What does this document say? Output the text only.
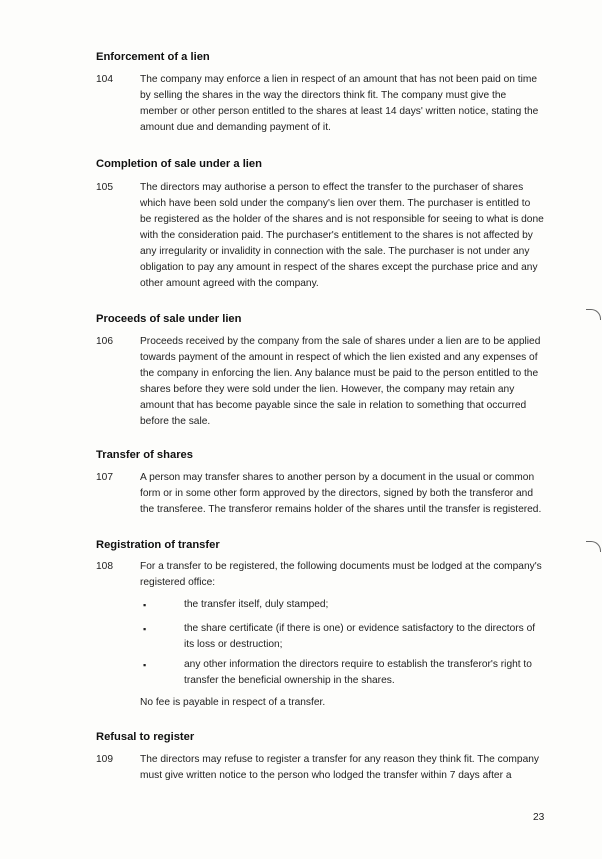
Enforcement of a lien
104	The company may enforce a lien in respect of an amount that has not been paid on time
by selling the shares in the way the directors think fit. The company must give the
member or other person entitled to the shares at least 14 days' written notice, stating the
amount due and demanding payment of it.
Completion of sale under a lien
105	The directors may authorise a person to effect the transfer to the purchaser of shares
which have been sold under the company's lien over them. The purchaser is entitled to
be registered as the holder of the shares and is not responsible for seeing to what is done
with the consideration paid. The purchaser's entitlement to the shares is not affected by
any irregularity or invalidity in connection with the sale. The purchaser is not under any
obligation to pay any amount in respect of the shares except the purchase price and any
other amount agreed with the company.
Proceeds of sale under lien
106	Proceeds received by the company from the sale of shares under a lien are to be applied
towards payment of the amount in respect of which the lien existed and any expenses of
the company in enforcing the lien. Any balance must be paid to the person entitled to the
shares before they were sold under the lien. However, the company may retain any
amount that has become payable since the sale in relation to something that occurred
before the sale.
Transfer of shares
107	A person may transfer shares to another person by a document in the usual or common
form or in some other form approved by the directors, signed by both the transferor and
the transferee. The transferor remains holder of the shares until the transfer is registered.
Registration of transfer
108	For a transfer to be registered, the following documents must be lodged at the company's
registered office:
▪	the transfer itself, duly stamped;
▪	the share certificate (if there is one) or evidence satisfactory to the directors of
its loss or destruction;
▪	any other information the directors require to establish the transferor's right to
transfer the beneficial ownership in the shares.
No fee is payable in respect of a transfer.
Refusal to register
109	The directors may refuse to register a transfer for any reason they think fit. The company
must give written notice to the person who lodged the transfer within 7 days after a
23
